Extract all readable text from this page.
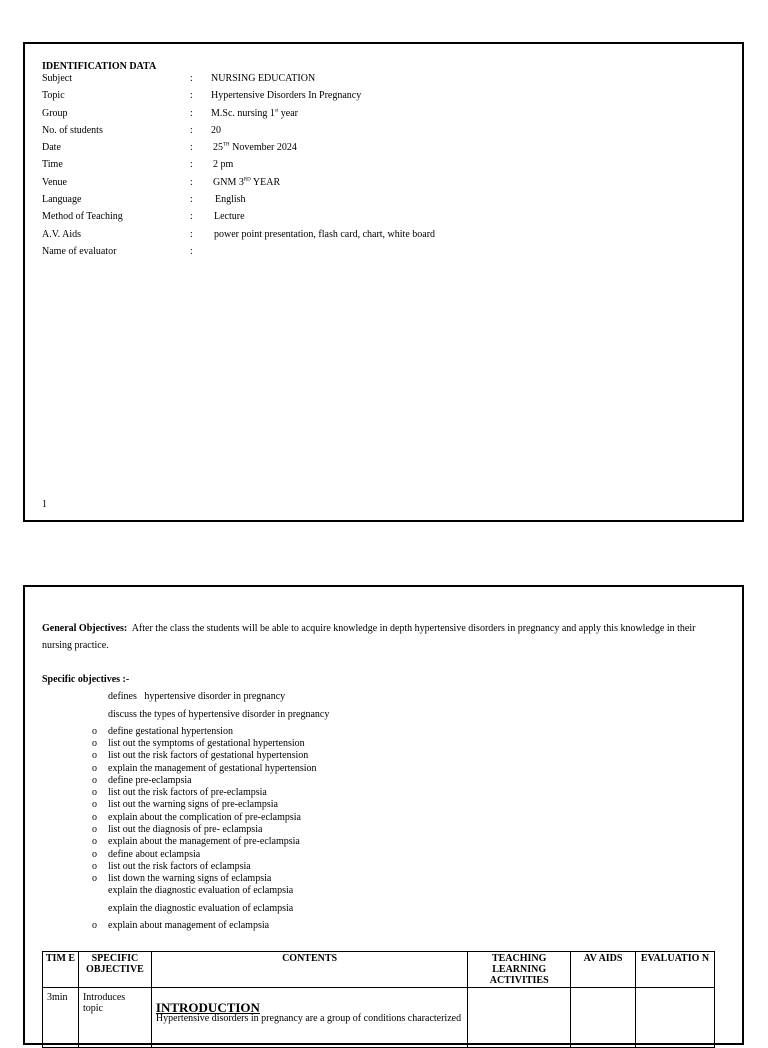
IDENTIFICATION DATA
Subject	: NURSING EDUCATION
Topic	: Hypertensive Disorders In Pregnancy
Group	: M.Sc. nursing 1st year
No. of students	: 20
Date	: 25TH November 2024
Time	: 2 pm
Venue	: GNM 3RD YEAR
Language	: English
Method of Teaching	: Lecture
A.V. Aids	: power point presentation, flash card, chart, white board
Name of evaluator	:
1
General Objectives: After the class the students will be able to acquire knowledge in depth hypertensive disorders in pregnancy and apply this knowledge in their nursing practice.
Specific objectives :-
defines   hypertensive disorder in pregnancy
discuss the types of hypertensive disorder in pregnancy
o define gestational hypertension
o list out the symptoms of gestational hypertension
o list out the risk factors of gestational hypertension
o explain the management of gestational hypertension
o define pre-eclampsia
o list out the risk factors of pre-eclampsia
o list out the warning signs of pre-eclampsia
o explain about the complication of pre-eclampsia
o list out the diagnosis of pre- eclampsia
o explain about the management of pre-eclampsia
o define about eclampsia
o list out the risk factors of eclampsia
o list down the warning signs of eclampsia
explain the diagnostic evaluation of eclampsia
explain the diagnostic evaluation of eclampsia
o explain about management of eclampsia
TIM E	SPECIFIC OBJECTIVE	CONTENTS	TEACHING LEARNING ACTIVITIES	AV AIDS	EVALUATIO N
3min	Introduces topic	INTRODUCTION
Hypertensive disorders in pregnancy are a group of conditions characterized			
